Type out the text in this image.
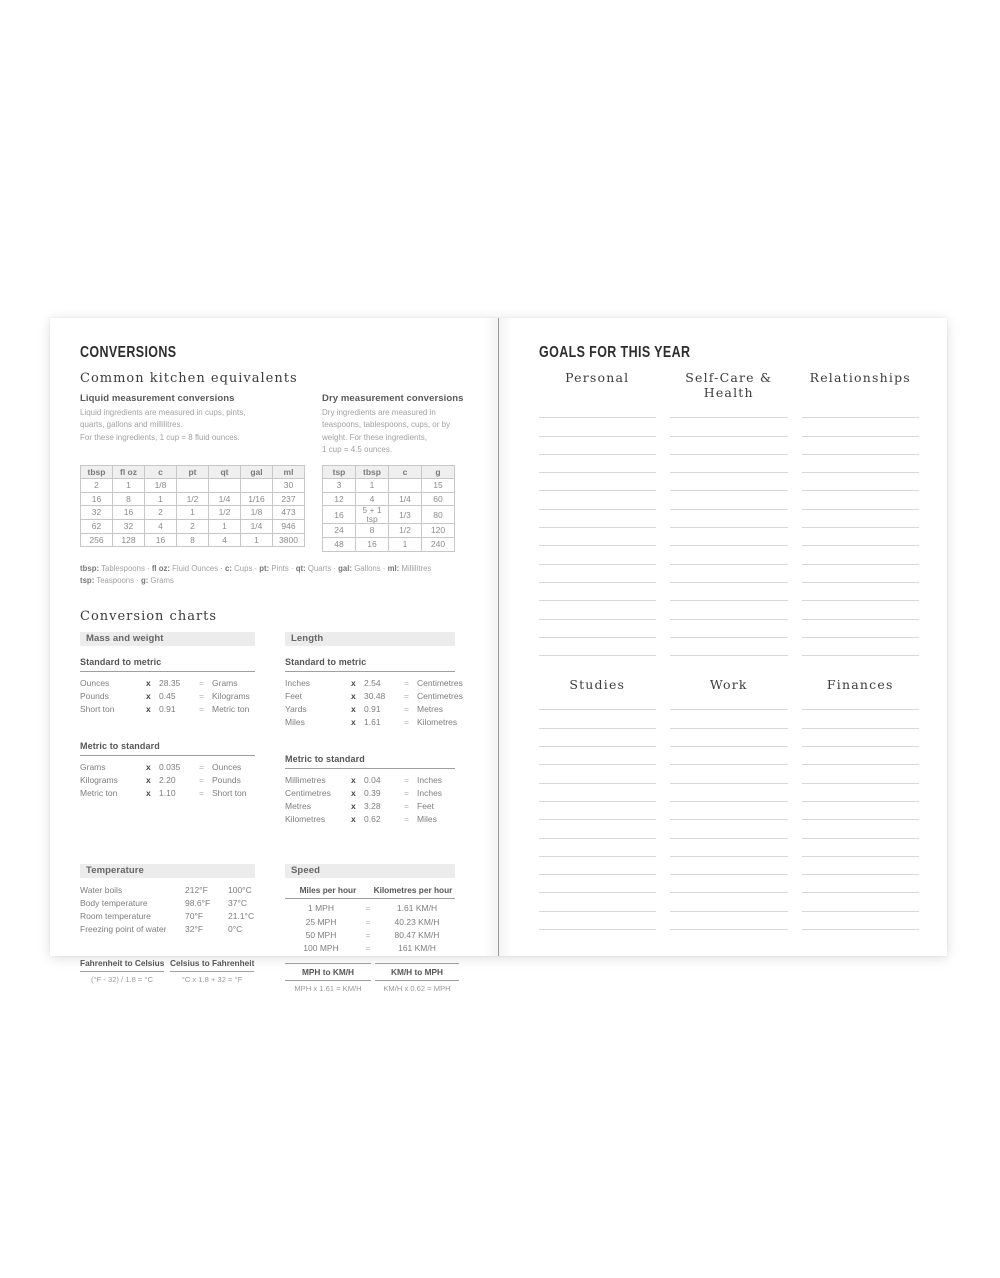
CONVERSIONS
Common kitchen equivalents
Liquid measurement conversions
Liquid ingredients are measured in cups, pints,
quarts, gallons and millilitres.
For these ingredients, 1 cup = 8 fluid ounces.
Dry measurement conversions
Dry ingredients are measured in
teaspoons, tablespoons, cups, or by
weight. For these ingredients,
1 cup = 4.5 ounces.
tbsp	fl oz	c	pt	qt	gal	ml
2	1	1/8				30
16	8	1	1/2	1/4	1/16	237
32	16	2	1	1/2	1/8	473
62	32	4	2	1	1/4	946
256	128	16	8	4	1	3800
tsp	tbsp	c	g
3	1		15
12	4	1/4	60
16	5 + 1 tsp	1/3	80
24	8	1/2	120
48	16	1	240
tbsp: Tablespoons · fl oz: Fluid Ounces · c: Cups · pt: Pints · qt: Quarts · gal: Gallons · ml: Millilitres
tsp: Teaspoons · g: Grams
Conversion charts
Mass and weight
Standard to metric
Ounces	x 28.35	= Grams
Pounds	x 0.45	= Kilograms
Short ton	x 0.91	= Metric ton
Metric to standard
Grams	x 0.035	= Ounces
Kilograms	x 2.20	= Pounds
Metric ton	x 1.10	= Short ton
Length
Standard to metric
Inches	x 2.54	= Centimetres
Feet	x 30.48	= Centimetres
Yards	x 0.91	= Metres
Miles	x 1.61	= Kilometres
Metric to standard
Millimetres	x 0.04	= Inches
Centimetres	x 0.39	= Inches
Metres	x 3.28	= Feet
Kilometres	x 0.62	= Miles
Temperature
Water boils	212°F	100°C
Body temperature	98.6°F	37°C
Room temperature	70°F	21.1°C
Freezing point of water	32°F	0°C
Fahrenheit to Celsius
(°F - 32) / 1.8 = °C
Celsius to Fahrenheit
°C x 1.8 + 32 = °F
Speed
Miles per hour	Kilometres per hour
1 MPH	=	1.61 KM/H
25 MPH	=	40.23 KM/H
50 MPH	=	80.47 KM/H
100 MPH	=	161 KM/H
MPH to KM/H
MPH x 1.61 = KM/H
KM/H to MPH
KM/H x 0.62 = MPH
GOALS FOR THIS YEAR
Personal	Self-Care & Health
Relationships
Studies	Work	Finances
